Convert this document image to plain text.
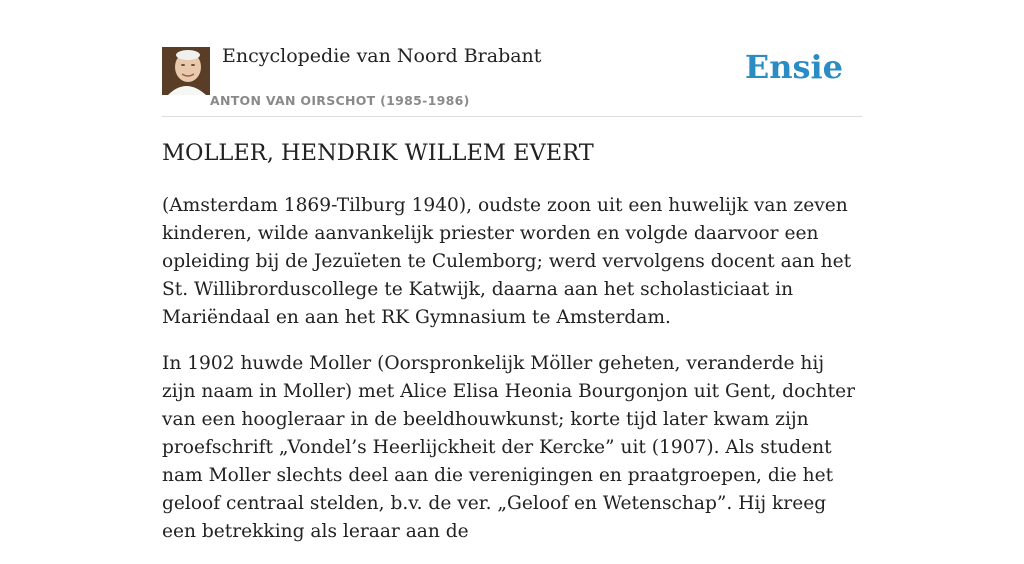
Encyclopedie van Noord Brabant
ANTON VAN OIRSCHOT (1985-1986)
Ensie
MOLLER, HENDRIK WILLEM EVERT

(Amsterdam 1869-Tilburg 1940), oudste zoon uit een huwelijk van zeven kinderen, wilde aanvankelijk priester worden en volgde daarvoor een opleiding bij de Jezuïeten te Culemborg; werd vervolgens docent aan het St. Willibrorduscollege te Katwijk, daarna aan het scholasticiaat in Mariëndaal en aan het RK Gymnasium te Amsterdam.

In 1902 huwde Moller (Oorspronkelijk Möller geheten, veranderde hij zijn naam in Moller) met Alice Elisa Heonia Bourgonjon uit Gent, dochter van een hoogleraar in de beeldhouwkunst; korte tijd later kwam zijn proefschrift „Vondel’s Heerlijckheit der Kercke” uit (1907). Als student nam Moller slechts deel aan die verenigingen en praatgroepen, die het geloof centraal stelden, b.v. de ver. „Geloof en Wetenschap”. Hij kreeg een betrekking als leraar aan de
